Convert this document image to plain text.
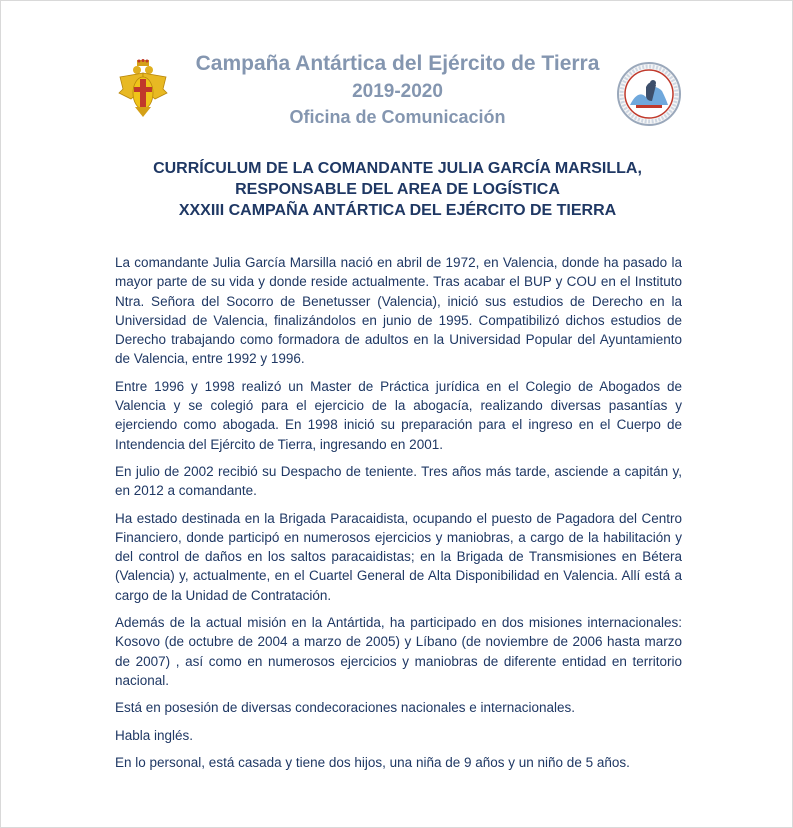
Campaña Antártica del Ejército de Tierra
2019-2020
Oficina de Comunicación
CURRÍCULUM DE LA COMANDANTE JULIA GARCÍA MARSILLA,
RESPONSABLE DEL AREA DE LOGÍSTICA
XXXIII CAMPAÑA ANTÁRTICA DEL EJÉRCITO DE TIERRA

La comandante Julia García Marsilla nació en abril de 1972, en Valencia, donde ha pasado la mayor parte de su vida y donde reside actualmente. Tras acabar el BUP y COU en el Instituto Ntra. Señora del Socorro de Benetusser (Valencia), inició sus estudios de Derecho en la Universidad de Valencia, finalizándolos en junio de 1995. Compatibilizó dichos estudios de Derecho trabajando como formadora de adultos en la Universidad Popular del Ayuntamiento de Valencia, entre 1992 y 1996.

Entre 1996 y 1998 realizó un Master de Práctica jurídica en el Colegio de Abogados de Valencia y se colegió para el ejercicio de la abogacía, realizando diversas pasantías y ejerciendo como abogada. En 1998 inició su preparación para el ingreso en el Cuerpo de Intendencia del Ejército de Tierra, ingresando en 2001.

En julio de 2002 recibió su Despacho de teniente. Tres años más tarde, asciende a capitán y, en 2012 a comandante.

Ha estado destinada en la Brigada Paracaidista, ocupando el puesto de Pagadora del Centro Financiero, donde participó en numerosos ejercicios y maniobras, a cargo de la habilitación y del control de daños en los saltos paracaidistas; en la Brigada de Transmisiones en Bétera (Valencia) y, actualmente, en el Cuartel General de Alta Disponibilidad en Valencia. Allí está a cargo de la Unidad de Contratación.

Además de la actual misión en la Antártida, ha participado en dos misiones internacionales: Kosovo (de octubre de 2004 a marzo de 2005) y Líbano (de noviembre de 2006 hasta marzo de 2007) , así como en numerosos ejercicios y maniobras de diferente entidad en territorio nacional.

Está en posesión de diversas condecoraciones nacionales e internacionales.

Habla inglés.

En lo personal, está casada y tiene dos hijos, una niña de 9 años y un niño de 5 años.
